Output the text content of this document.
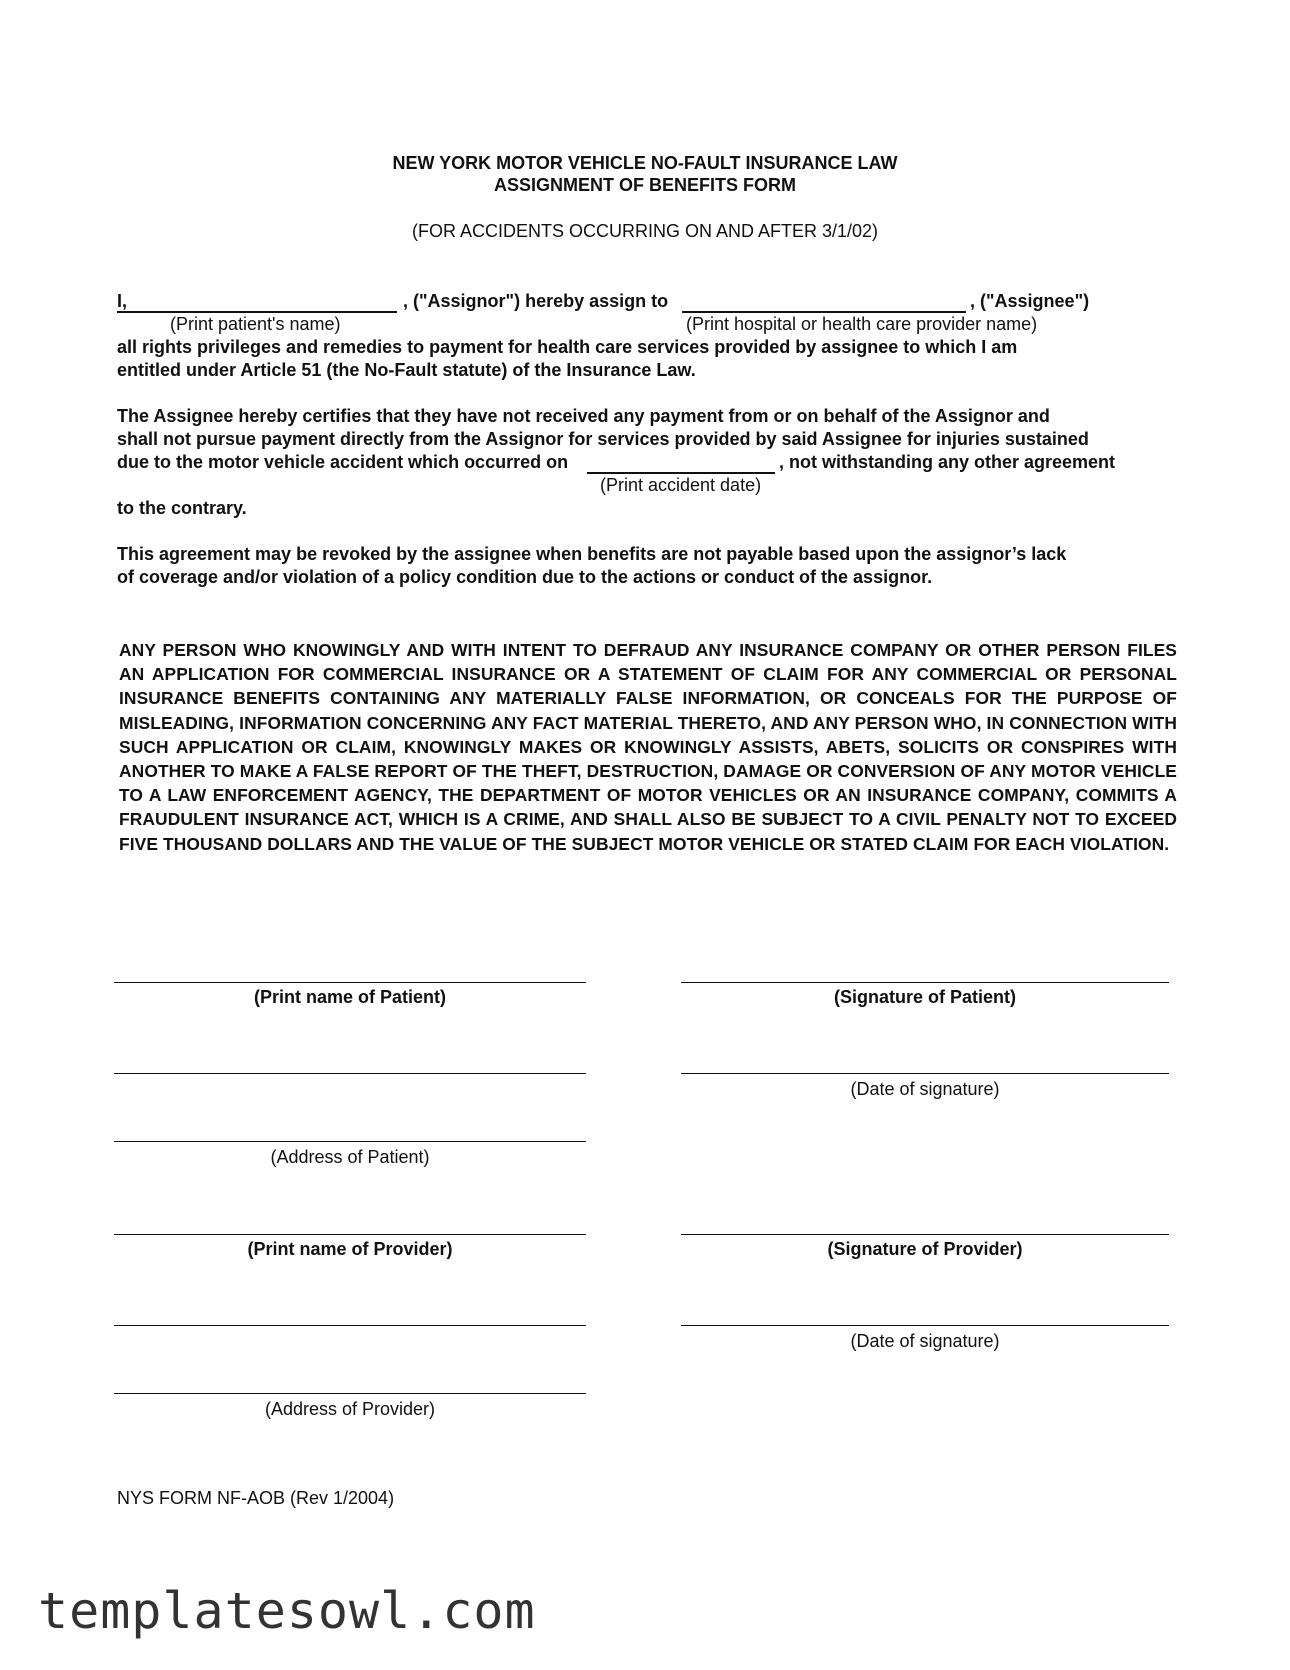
NEW YORK MOTOR VEHICLE NO-FAULT INSURANCE LAW
ASSIGNMENT OF BENEFITS FORM
(FOR ACCIDENTS OCCURRING ON AND AFTER 3/1/02)
I,	, ("Assignor") hereby assign to	, ("Assignee")
(Print patient's name)	(Print hospital or health care provider name)
all rights privileges and remedies to payment for health care services provided by assignee to which I am
entitled under Article 51 (the No-Fault statute) of the Insurance Law.
The Assignee hereby certifies that they have not received any payment from or on behalf of the Assignor and
shall not pursue payment directly from the Assignor for services provided by said Assignee for injuries sustained
due to the motor vehicle accident which occurred on	, not withstanding any other agreement
(Print accident date)
to the contrary.
This agreement may be revoked by the assignee when benefits are not payable based upon the assignor’s lack
of coverage and/or violation of a policy condition due to the actions or conduct of the assignor.
ANY PERSON WHO KNOWINGLY AND WITH INTENT TO DEFRAUD ANY INSURANCE COMPANY OR OTHER PERSON FILES AN APPLICATION FOR COMMERCIAL INSURANCE OR A STATEMENT OF CLAIM FOR ANY COMMERCIAL OR PERSONAL INSURANCE BENEFITS CONTAINING ANY MATERIALLY FALSE INFORMATION, OR CONCEALS FOR THE PURPOSE OF MISLEADING, INFORMATION CONCERNING ANY FACT MATERIAL THERETO, AND ANY PERSON WHO, IN CONNECTION WITH SUCH APPLICATION OR CLAIM, KNOWINGLY MAKES OR KNOWINGLY ASSISTS, ABETS, SOLICITS OR CONSPIRES WITH ANOTHER TO MAKE A FALSE REPORT OF THE THEFT, DESTRUCTION, DAMAGE OR CONVERSION OF ANY MOTOR VEHICLE TO A LAW ENFORCEMENT AGENCY, THE DEPARTMENT OF MOTOR VEHICLES OR AN INSURANCE COMPANY, COMMITS A FRAUDULENT INSURANCE ACT, WHICH IS A CRIME, AND SHALL ALSO BE SUBJECT TO A CIVIL PENALTY NOT TO EXCEED FIVE THOUSAND DOLLARS AND THE VALUE OF THE SUBJECT MOTOR VEHICLE OR STATED CLAIM FOR EACH VIOLATION.
(Print name of Patient)	(Signature of Patient)
(Date of signature)
(Address of Patient)
(Print name of Provider)	(Signature of Provider)
(Date of signature)
(Address of Provider)
NYS FORM NF-AOB (Rev 1/2004)
templatesowl.com
